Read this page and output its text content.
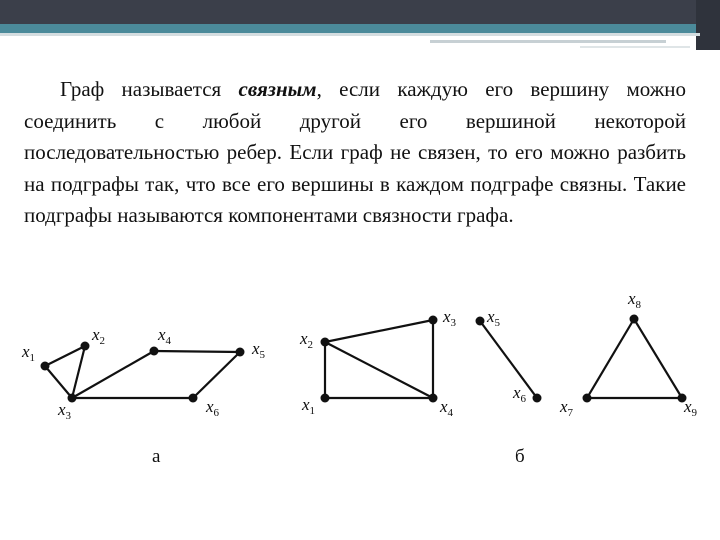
Граф называется связным, если каждую его вершину можно соединить с любой другой его вершиной некоторой последовательностью ребер. Если граф не связен, то его можно разбить на подграфы так, что все его вершины в каждом подграфе связны. Такие подграфы называются компонентами связности графа.

$x_1$
$x_2$
$x_3$
$x_4$	$x_5$
$x_6$
$x_2$
$x_3$
$x_1$	$x_4$
$x_5$
$x_6$
$x_8$
$x_7$	$x_9$
а	б
